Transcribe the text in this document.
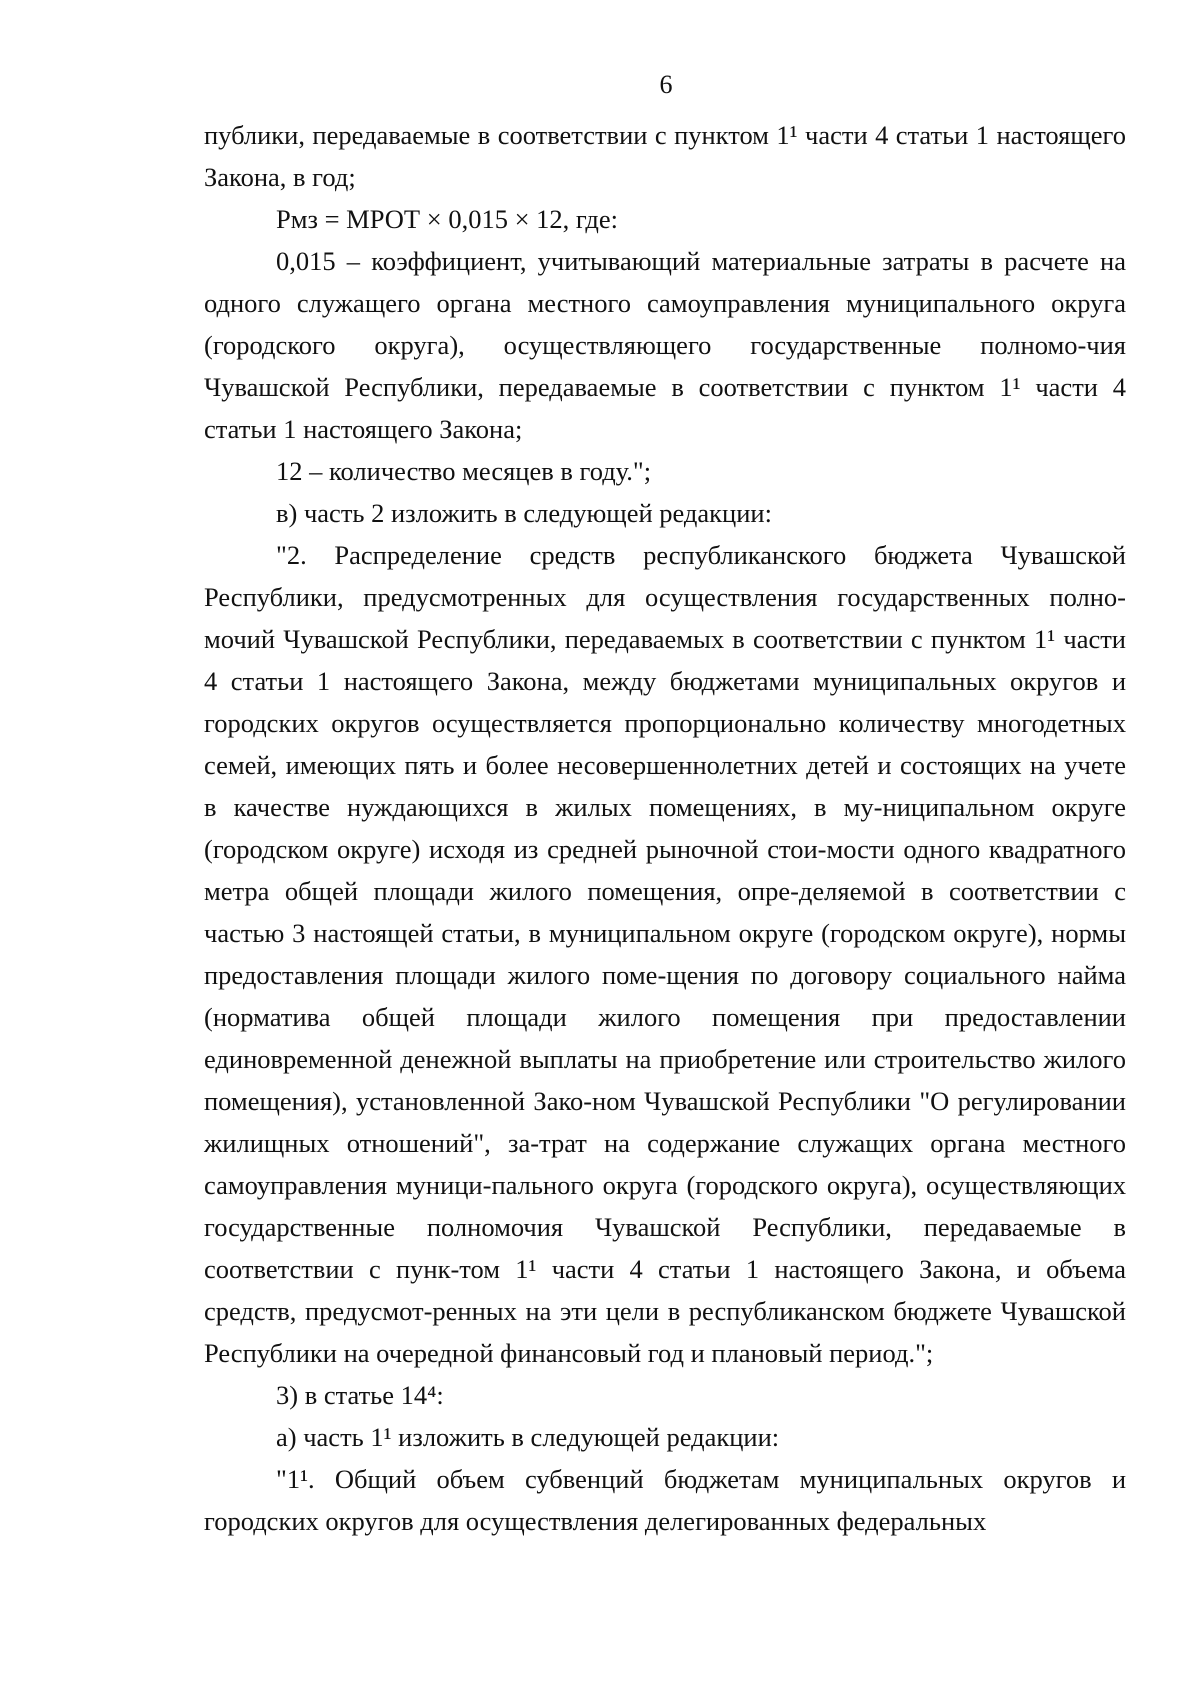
6

публики, передаваемые в соответствии с пунктом 1¹ части 4 статьи 1 настоящего Закона, в год;

Рмз = МРОТ × 0,015 × 12, где:

0,015 – коэффициент, учитывающий материальные затраты в расчете на одного служащего органа местного самоуправления муниципального округа (городского округа), осуществляющего государственные полномо-чия Чувашской Республики, передаваемые в соответствии с пунктом 1¹ части 4 статьи 1 настоящего Закона;

12 – количество месяцев в году.";

в) часть 2 изложить в следующей редакции:

"2. Распределение средств республиканского бюджета Чувашской Республики, предусмотренных для осуществления государственных полно-мочий Чувашской Республики, передаваемых в соответствии с пунктом 1¹ части 4 статьи 1 настоящего Закона, между бюджетами муниципальных округов и городских округов осуществляется пропорционально количеству многодетных семей, имеющих пять и более несовершеннолетних детей и состоящих на учете в качестве нуждающихся в жилых помещениях, в му-ниципальном округе (городском округе) исходя из средней рыночной стои-мости одного квадратного метра общей площади жилого помещения, опре-деляемой в соответствии с частью 3 настоящей статьи, в муниципальном округе (городском округе), нормы предоставления площади жилого поме-щения по договору социального найма (норматива общей площади жилого помещения при предоставлении единовременной денежной выплаты на приобретение или строительство жилого помещения), установленной Зако-ном Чувашской Республики "О регулировании жилищных отношений", за-трат на содержание служащих органа местного самоуправления муници-пального округа (городского округа), осуществляющих государственные полномочия Чувашской Республики, передаваемые в соответствии с пунк-том 1¹ части 4 статьи 1 настоящего Закона, и объема средств, предусмот-ренных на эти цели в республиканском бюджете Чувашской Республики на очередной финансовый год и плановый период.";

3) в статье 14⁴:

а) часть 1¹ изложить в следующей редакции:

"1¹. Общий объем субвенций бюджетам муниципальных округов и городских округов для осуществления делегированных федеральных
